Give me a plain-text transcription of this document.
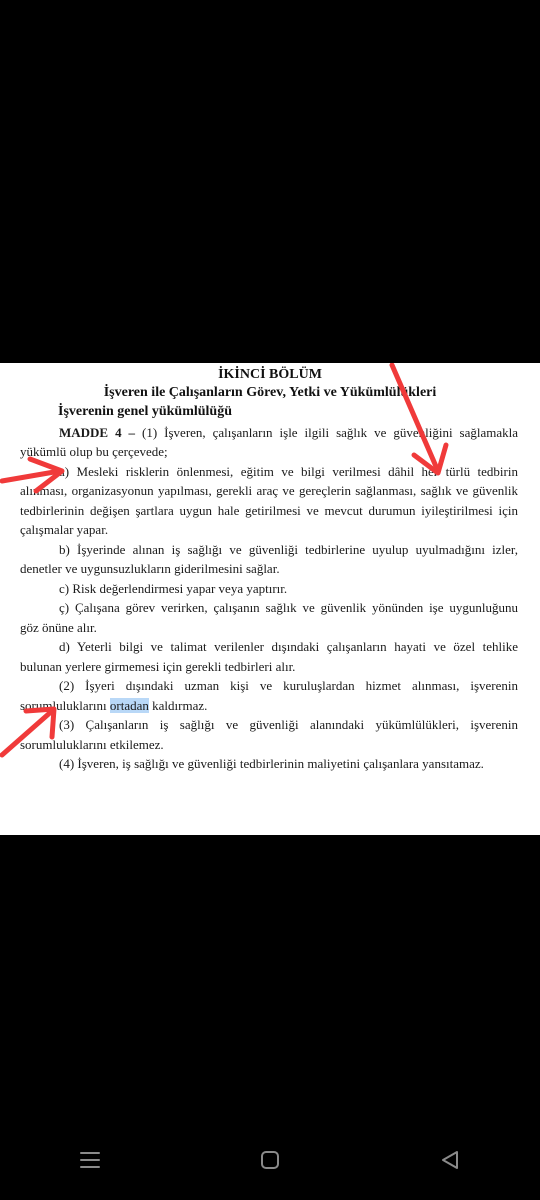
İKİNCİ BÖLÜM
İşveren ile Çalışanların Görev, Yetki ve Yükümlülükleri
İşverenin genel yükümlülüğü
MADDE 4 – (1) İşveren, çalışanların işle ilgili sağlık ve güvenliğini sağlamakla
yükümlü olup bu çerçevede;
a) Mesleki risklerin önlenmesi, eğitim ve bilgi verilmesi dâhil her türlü tedbirin
alınması, organizasyonun yapılması, gerekli araç ve gereçlerin sağlanması, sağlık ve güvenlik
tedbirlerinin değişen şartlara uygun hale getirilmesi ve mevcut durumun iyileştirilmesi için
çalışmalar yapar.
b) İşyerinde alınan iş sağlığı ve güvenliği tedbirlerine uyulup uyulmadığını izler,
denetler ve uygunsuzlukların giderilmesini sağlar.
c) Risk değerlendirmesi yapar veya yaptırır.
ç) Çalışana görev verirken, çalışanın sağlık ve güvenlik yönünden işe uygunluğunu
göz önüne alır.
d) Yeterli bilgi ve talimat verilenler dışındaki çalışanların hayati ve özel tehlike
bulunan yerlere girmemesi için gerekli tedbirleri alır.
(2) İşyeri dışındaki uzman kişi ve kuruluşlardan hizmet alınması, işverenin
sorumluluklarını ortadan kaldırmaz.
(3) Çalışanların iş sağlığı ve güvenliği alanındaki yükümlülükleri, işverenin
sorumluluklarını etkilemez.
(4) İşveren, iş sağlığı ve güvenliği tedbirlerinin maliyetini çalışanlara yansıtamaz.
